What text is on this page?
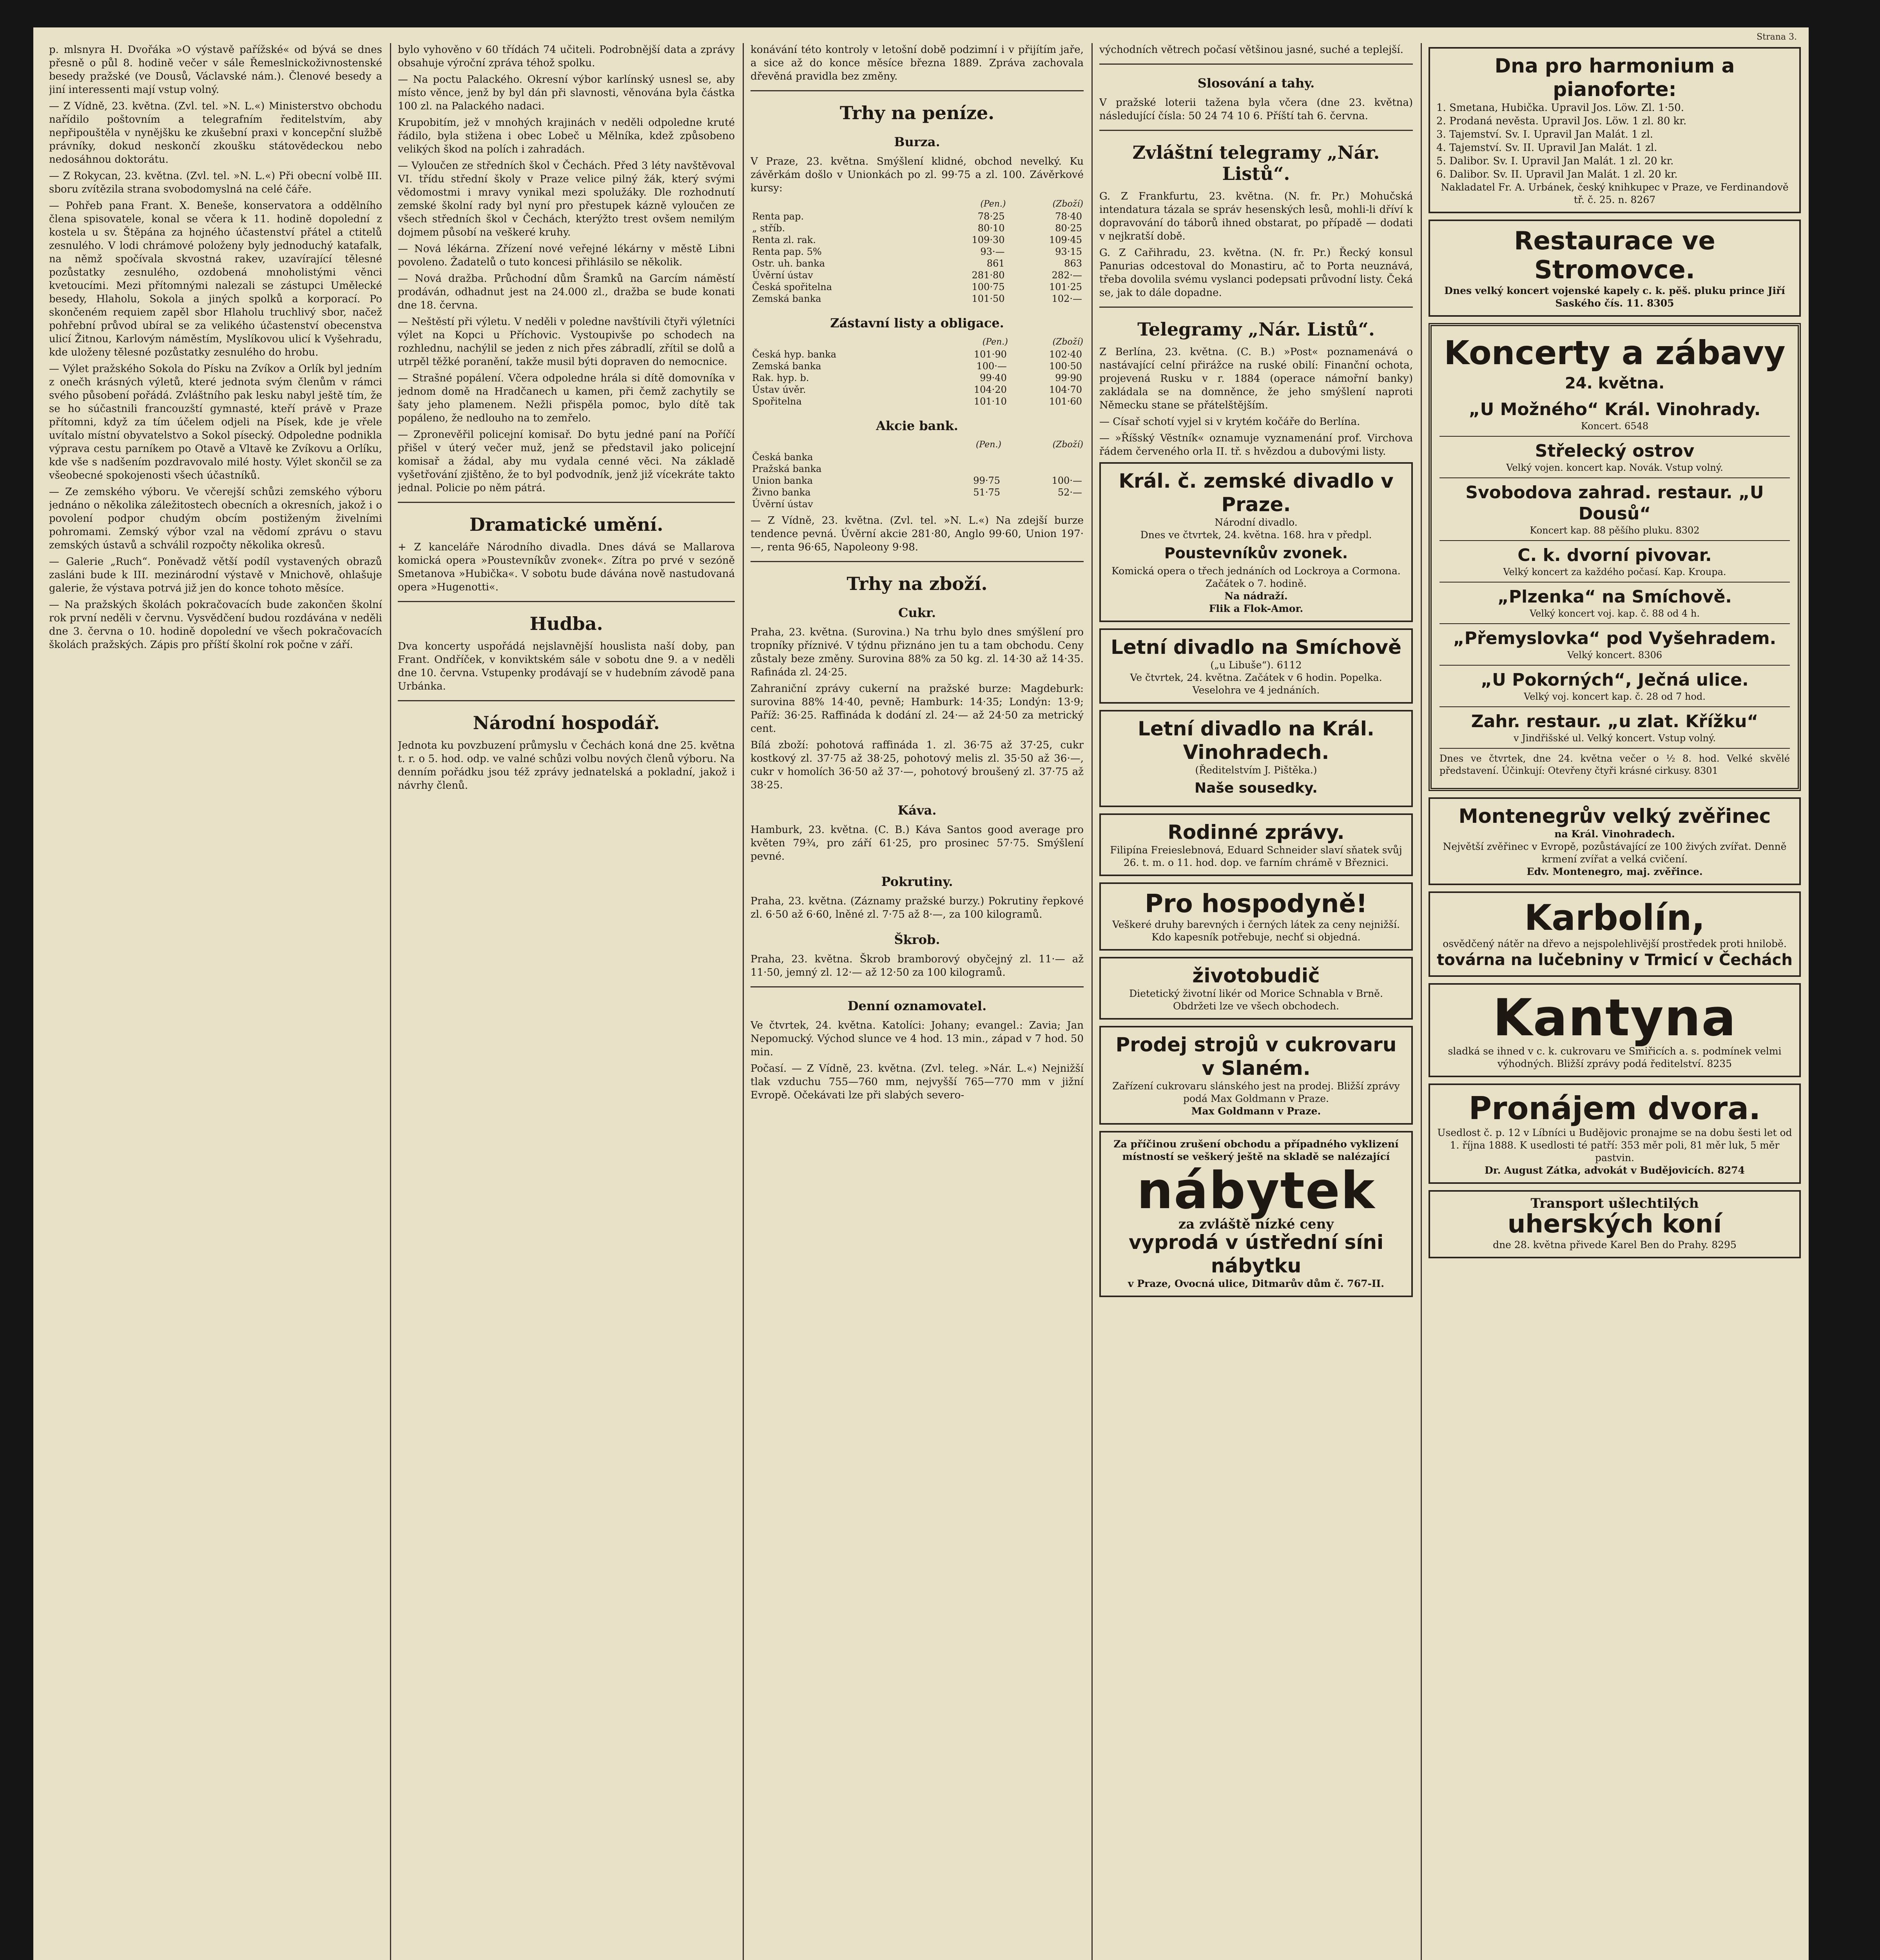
Strana 3.

p. mlsnyra H. Dvořáka »O výstavě pařížské« od bývá se dnes přesně o půl 8. hodině večer v sále Řemeslnickoživnostenské besedy pražské (ve Dousů, Václavské nám.). Členové besedy a jiní interessenti mají vstup volný.

— Z Vídně, 23. května. (Zvl. tel. »N. L.«) Ministerstvo obchodu nařídilo poštovním a telegrafním ředitelstvím, aby nepřipouštěla v nynějšku ke zkušební praxi v koncepční službě právníky, dokud neskončí zkoušku státovědeckou nebo nedosáhnou doktorátu.

— Z Rokycan, 23. května. (Zvl. tel. »N. L.«) Při obecní volbě III. sboru zvítězila strana svobodomyslná na celé čáře.

— Pohřeb pana Frant. X. Beneše, konservatora a oddělního člena spisovatele, konal se včera k 11. hodině dopolední z kostela u sv. Štěpána za hojného účastenství přátel a ctitelů zesnulého. V lodi chrámové položeny byly jednoduchý katafalk, na němž spočívala skvostná rakev, uzavírající tělesné pozůstatky zesnulého, ozdobená mnoholistými věnci kvetoucími. Mezi přítomnými nalezali se zástupci Umělecké besedy, Hlaholu, Sokola a jiných spolků a korporací. Po skončeném requiem zapěl sbor Hlaholu truchlivý sbor, načež pohřební průvod ubíral se za velikého účastenství obecenstva ulicí Žitnou, Karlovým náměstím, Myslíkovou ulicí k Vyšehradu, kde uloženy tělesné pozůstatky zesnulého do hrobu.

— Výlet pražského Sokola do Písku na Zvíkov a Orlík byl jedním z onečh krásných výletů, které jednota svým členům v rámci svého působení pořádá. Zvláštního pak lesku nabyl ještě tím, že se ho súčastnili francouzští gymnasté, kteří právě v Praze přítomni, když za tím účelem odjeli na Písek, kde je vřele uvítalo místní obyvatelstvo a Sokol písecký. Odpoledne podnikla výprava cestu parníkem po Otavě a Vltavě ke Zvíkovu a Orlíku, kde vše s nadšením pozdravovalo milé hosty. Výlet skončil se za všeobecné spokojenosti všech účastníků.

— Ze zemského výboru. Ve včerejší schůzi zemského výboru jednáno o několika záležitostech obecních a okresních, jakož i o povolení podpor chudým obcím postiženým živelními pohromami. Zemský výbor vzal na vědomí zprávu o stavu zemských ústavů a schválil rozpočty několika okresů.

— Galerie „Ruch“. Poněvadž větší podíl vystavených obrazů zasláni bude k III. mezinárodní výstavě v Mnichově, ohlašuje galerie, že výstava potrvá již jen do konce tohoto měsíce.

— Na pražských školách pokračovacích bude zakončen školní rok první neděli v červnu. Vysvědčení budou rozdávána v neděli dne 3. června o 10. hodině dopolední ve všech pokračovacích školách pražských. Zápis pro příští školní rok počne v září.

bylo vyhověno v 60 třídách 74 učiteli. Podrobnější data a zprávy obsahuje výroční zpráva téhož spolku.

— Na poctu Palackého. Okresní výbor karlínský usnesl se, aby místo věnce, jenž by byl dán při slavnosti, věnována byla částka 100 zl. na Palackého nadaci.

Krupobitím, jež v mnohých krajinách v neděli odpoledne kruté řádilo, byla stižena i obec Lobeč u Mělníka, kdež způsobeno velikých škod na polích i zahradách.

— Vyloučen ze středních škol v Čechách. Před 3 léty navštěvoval VI. třídu střední školy v Praze velice pilný žák, který svými vědomostmi i mravy vynikal mezi spolužáky. Dle rozhodnutí zemské školní rady byl nyní pro přestupek kázně vyloučen ze všech středních škol v Čechách, kterýžto trest ovšem nemilým dojmem působí na veškeré kruhy.

— Nová lékárna. Zřízení nové veřejné lékárny v městě Libni povoleno. Žadatelů o tuto koncesi přihlásilo se několik.

— Nová dražba. Průchodní dům Šramků na Garcím náměstí prodáván, odhadnut jest na 24.000 zl., dražba se bude konati dne 18. června.

— Neštěstí při výletu. V neděli v poledne navštívili čtyři výletníci výlet na Kopci u Příchovic. Vystoupivše po schodech na rozhlednu, nachýlil se jeden z nich přes zábradlí, zřítil se dolů a utrpěl těžké poranění, takže musil býti dopraven do nemocnice.

— Strašné popálení. Včera odpoledne hrála si dítě domovníka v jednom domě na Hradčanech u kamen, při čemž zachytily se šaty jeho plamenem. Nežli přispěla pomoc, bylo dítě tak popáleno, že nedlouho na to zemřelo.

— Zpronevěřil policejní komisař. Do bytu jedné paní na Poříčí přišel v úterý večer muž, jenž se představil jako policejní komisař a žádal, aby mu vydala cenné věci. Na základě vyšetřování zjištěno, že to byl podvodník, jenž již vícekráte takto jednal. Policie po něm pátrá.

Dramatické umění.

+ Z kanceláře Národního divadla. Dnes dává se Mallarova komická opera »Poustevníkův zvonek«. Zítra po prvé v sezóně Smetanova »Hubička«. V sobotu bude dávána nově nastudovaná opera »Hugenotti«.

Hudba.

Dva koncerty uspořádá nejslavnější houslista naší doby, pan Frant. Ondříček, v konviktském sále v sobotu dne 9. a v neděli dne 10. června. Vstupenky prodávají se v hudebním závodě pana Urbánka.

Národní hospodář.

Jednota ku povzbuzení průmyslu v Čechách koná dne 25. května t. r. o 5. hod. odp. ve valné schůzi volbu nových členů výboru. Na denním pořádku jsou též zprávy jednatelská a pokladní, jakož i návrhy členů.

konávání této kontroly v letošní době podzimní i v přijítím jaře, a sice až do konce měsíce března 1889. Zpráva zachovala dřevěná pravidla bez změny.

Trhy na peníze.
Burza.

V Praze, 23. května. Smýšlení klidné, obchod nevelký. Ku závěrkám došlo v Unionkách po zl. 99·75 a zl. 100. Závěrkové kursy:

	(Pen.)	(Zboží)
Renta pap.	78·25	78·40
„ stříb.	80·10	80·25
Renta zl. rak.	109·30	109·45
Renta pap. 5%	93·—	93·15
Ostr. uh. banka	861	863
Úvěrní ústav	281·80	282·—
Česká spořitelna	100·75	101·25
Zemská banka	101·50	102·—
Zástavní listy a obligace.
	(Pen.)	(Zboží)
Česká hyp. banka	101·90	102·40
Zemská banka	100·—	100·50
Rak. hyp. b.	99·40	99·90
Ústav úvěr.	104·20	104·70
Spořitelna	101·10	101·60
Akcie bank.
	(Pen.)	(Zboží)
Česká banka		
Pražská banka		
Union banka	99·75	100·—
Živno banka	51·75	52·—
Úvěrní ústav		

— Z Vídně, 23. května. (Zvl. tel. »N. L.«) Na zdejší burze tendence pevná. Úvěrní akcie 281·80, Anglo 99·60, Union 197·—, renta 96·65, Napoleony 9·98.

Trhy na zboží.
Cukr.

Praha, 23. května. (Surovina.) Na trhu bylo dnes smýšlení pro tropníky příznivé. V týdnu přiznáno jen tu a tam obchodu. Ceny zůstaly beze změny. Surovina 88% za 50 kg. zl. 14·30 až 14·35. Rafináda zl. 24·25.

Zahraniční zprávy cukerní na pražské burze: Magdeburk: surovina 88% 14·40, pevně; Hamburk: 14·35; Londýn: 13·9; Paříž: 36·25. Raffináda k dodání zl. 24·— až 24·50 za metrický cent.

Bílá zboží: pohotová raffináda 1. zl. 36·75 až 37·25, cukr kostkový zl. 37·75 až 38·25, pohotový melis zl. 35·50 až 36·—, cukr v homolích 36·50 až 37·—, pohotový broušený zl. 37·75 až 38·25.

Káva.

Hamburk, 23. května. (C. B.) Káva Santos good average pro květen 79¾, pro září 61·25, pro prosinec 57·75. Smýšlení pevné.

Pokrutiny.

Praha, 23. května. (Záznamy pražské burzy.) Pokrutiny řepkové zl. 6·50 až 6·60, lněné zl. 7·75 až 8·—, za 100 kilogramů.

Škrob.

Praha, 23. května. Škrob bramborový obyčejný zl. 11·— až 11·50, jemný zl. 12·— až 12·50 za 100 kilogramů.

Denní oznamovatel.

Ve čtvrtek, 24. května. Katolíci: Johany; evangel.: Zavia; Jan Nepomucký. Východ slunce ve 4 hod. 13 min., západ v 7 hod. 50 min.

Počasí. — Z Vídně, 23. května. (Zvl. teleg. »Nár. L.«) Nejnižší tlak vzduchu 755—760 mm, nejvyšší 765—770 mm v jižní Evropě. Očekávati lze při slabých severo-

východních větrech počasí většinou jasné, suché a teplejší.

Slosování a tahy.

V pražské loterii tažena byla včera (dne 23. května) následující čísla: 50 24 74 10 6. Příští tah 6. června.

Zvláštní telegramy „Nár. Listů“.

G. Z Frankfurtu, 23. května. (N. fr. Pr.) Mohučská intendatura tázala se správ hesenských lesů, mohli-li dříví k dopravování do táborů ihned obstarat, po případě — dodati v nejkratší době.

G. Z Cařihradu, 23. května. (N. fr. Pr.) Řecký konsul Panurias odcestoval do Monastiru, ač to Porta neuznává, třeba dovolila svému vyslanci podepsati průvodní listy. Čeká se, jak to dále dopadne.

Telegramy „Nár. Listů“.

Z Berlína, 23. května. (C. B.) »Post« poznamenává o nastávající celní přirážce na ruské obilí: Finanční ochota, projevená Rusku v r. 1884 (operace námořní banky) zakládala se na domněnce, že jeho smýšlení naproti Německu stane se přátelštějším.

— Císař schotí vyjel si v krytém kočáře do Berlína.

— »Říšský Věstník« oznamuje vyznamenání prof. Virchova řádem červeného orla II. tř. s hvězdou a dubovými listy.

Král. č. zemské divadlo v Praze.
Národní divadlo.
Dnes ve čtvrtek, 24. května. 168. hra v předpl.
Poustevníkův zvonek.
Komická opera o třech jednáních od Lockroya a Cormona. Začátek o 7. hodině.
Na nádraží.
Flik a Flok-Amor.
Letní divadlo na Smíchově
(„u Libuše“). 6112
Ve čtvrtek, 24. května. Začátek v 6 hodin. Popelka. Veselohra ve 4 jednáních.
Letní divadlo na Král. Vinohradech.
(Ředitelstvím J. Pištěka.)
Naše sousedky.
Rodinné zprávy.
Filipína Freieslebnová, Eduard Schneider slaví sňatek svůj 26. t. m. o 11. hod. dop. ve farním chrámě v Březnici.
Pro hospodyně!
Veškeré druhy barevných i černých látek za ceny nejnižší. Kdo kapesník potřebuje, nechť si objedná.
životobudič
Dietetický životní likér od Morice Schnabla v Brně. Obdržeti lze ve všech obchodech.
Prodej strojů v cukrovaru v Slaném.
Zařízení cukrovaru slánského jest na prodej. Bližší zprávy podá Max Goldmann v Praze.
Max Goldmann v Praze.
Za příčinou zrušení obchodu a případného vyklizení místností se veškerý ještě na skladě se nalézající
nábytek
za zvláště nízké ceny
vyprodá v ústřední síni nábytku
v Praze, Ovocná ulice, Ditmarův dům č. 767-II.
Dna pro harmonium a pianoforte:
1. Smetana, Hubička. Upravil Jos. Löw. Zl. 1·50.
2. Prodaná nevěsta. Upravil Jos. Löw. 1 zl. 80 kr.
3. Tajemství. Sv. I. Upravil Jan Malát. 1 zl.
4. Tajemství. Sv. II. Upravil Jan Malát. 1 zl.
5. Dalibor. Sv. I. Upravil Jan Malát. 1 zl. 20 kr.
6. Dalibor. Sv. II. Upravil Jan Malát. 1 zl. 20 kr.
Nakladatel Fr. A. Urbánek, český knihkupec v Praze, ve Ferdinandově tř. č. 25. n. 8267
Restaurace ve Stromovce.
Dnes velký koncert vojenské kapely c. k. pěš. pluku prince Jiří Saského čís. 11. 8305
Koncerty a zábavy
24. května.
„U Možného“ Král. Vinohrady.
Koncert. 6548
Střelecký ostrov
Velký vojen. koncert kap. Novák. Vstup volný.
Svobodova zahrad. restaur. „U Dousů“
Koncert kap. 88 pěšího pluku. 8302
C. k. dvorní pivovar.
Velký koncert za každého počasí. Kap. Kroupa.
„Plzenka“ na Smíchově.
Velký koncert voj. kap. č. 88 od 4 h.
„Přemyslovka“ pod Vyšehradem.
Velký koncert. 8306
„U Pokorných“, Ječná ulice.
Velký voj. koncert kap. č. 28 od 7 hod.
Zahr. restaur. „u zlat. Křížku“
v Jindřišské ul. Velký koncert. Vstup volný.

Dnes ve čtvrtek, dne 24. května večer o ½ 8. hod. Velké skvělé představení. Účinkují: Otevřeny čtyři krásné cirkusy. 8301

Montenegrův velký zvěřinec
na Král. Vinohradech.
Největší zvěřinec v Evropě, pozůstávající ze 100 živých zvířat. Denně krmení zvířat a velká cvičení.
Edv. Montenegro, maj. zvěřince.
Karbolín,
osvědčený nátěr na dřevo a nejspolehlivější prostředek proti hnilobě.
továrna na lučebniny v Trmicí v Čechách
Kantyna
sladká se ihned v c. k. cukrovaru ve Smiřicích a. s. podmínek velmi výhodných. Bližší zprávy podá ředitelství. 8235
Pronájem dvora.
Usedlost č. p. 12 v Líbníci u Budějovic pronajme se na dobu šesti let od 1. října 1888. K usedlosti té patří: 353 měr poli, 81 měr luk, 5 měr pastvin.
Dr. August Zátka, advokát v Budějovicích. 8274
Transport ušlechtilých
uherských koní
dne 28. května přivede Karel Ben do Prahy. 8295
